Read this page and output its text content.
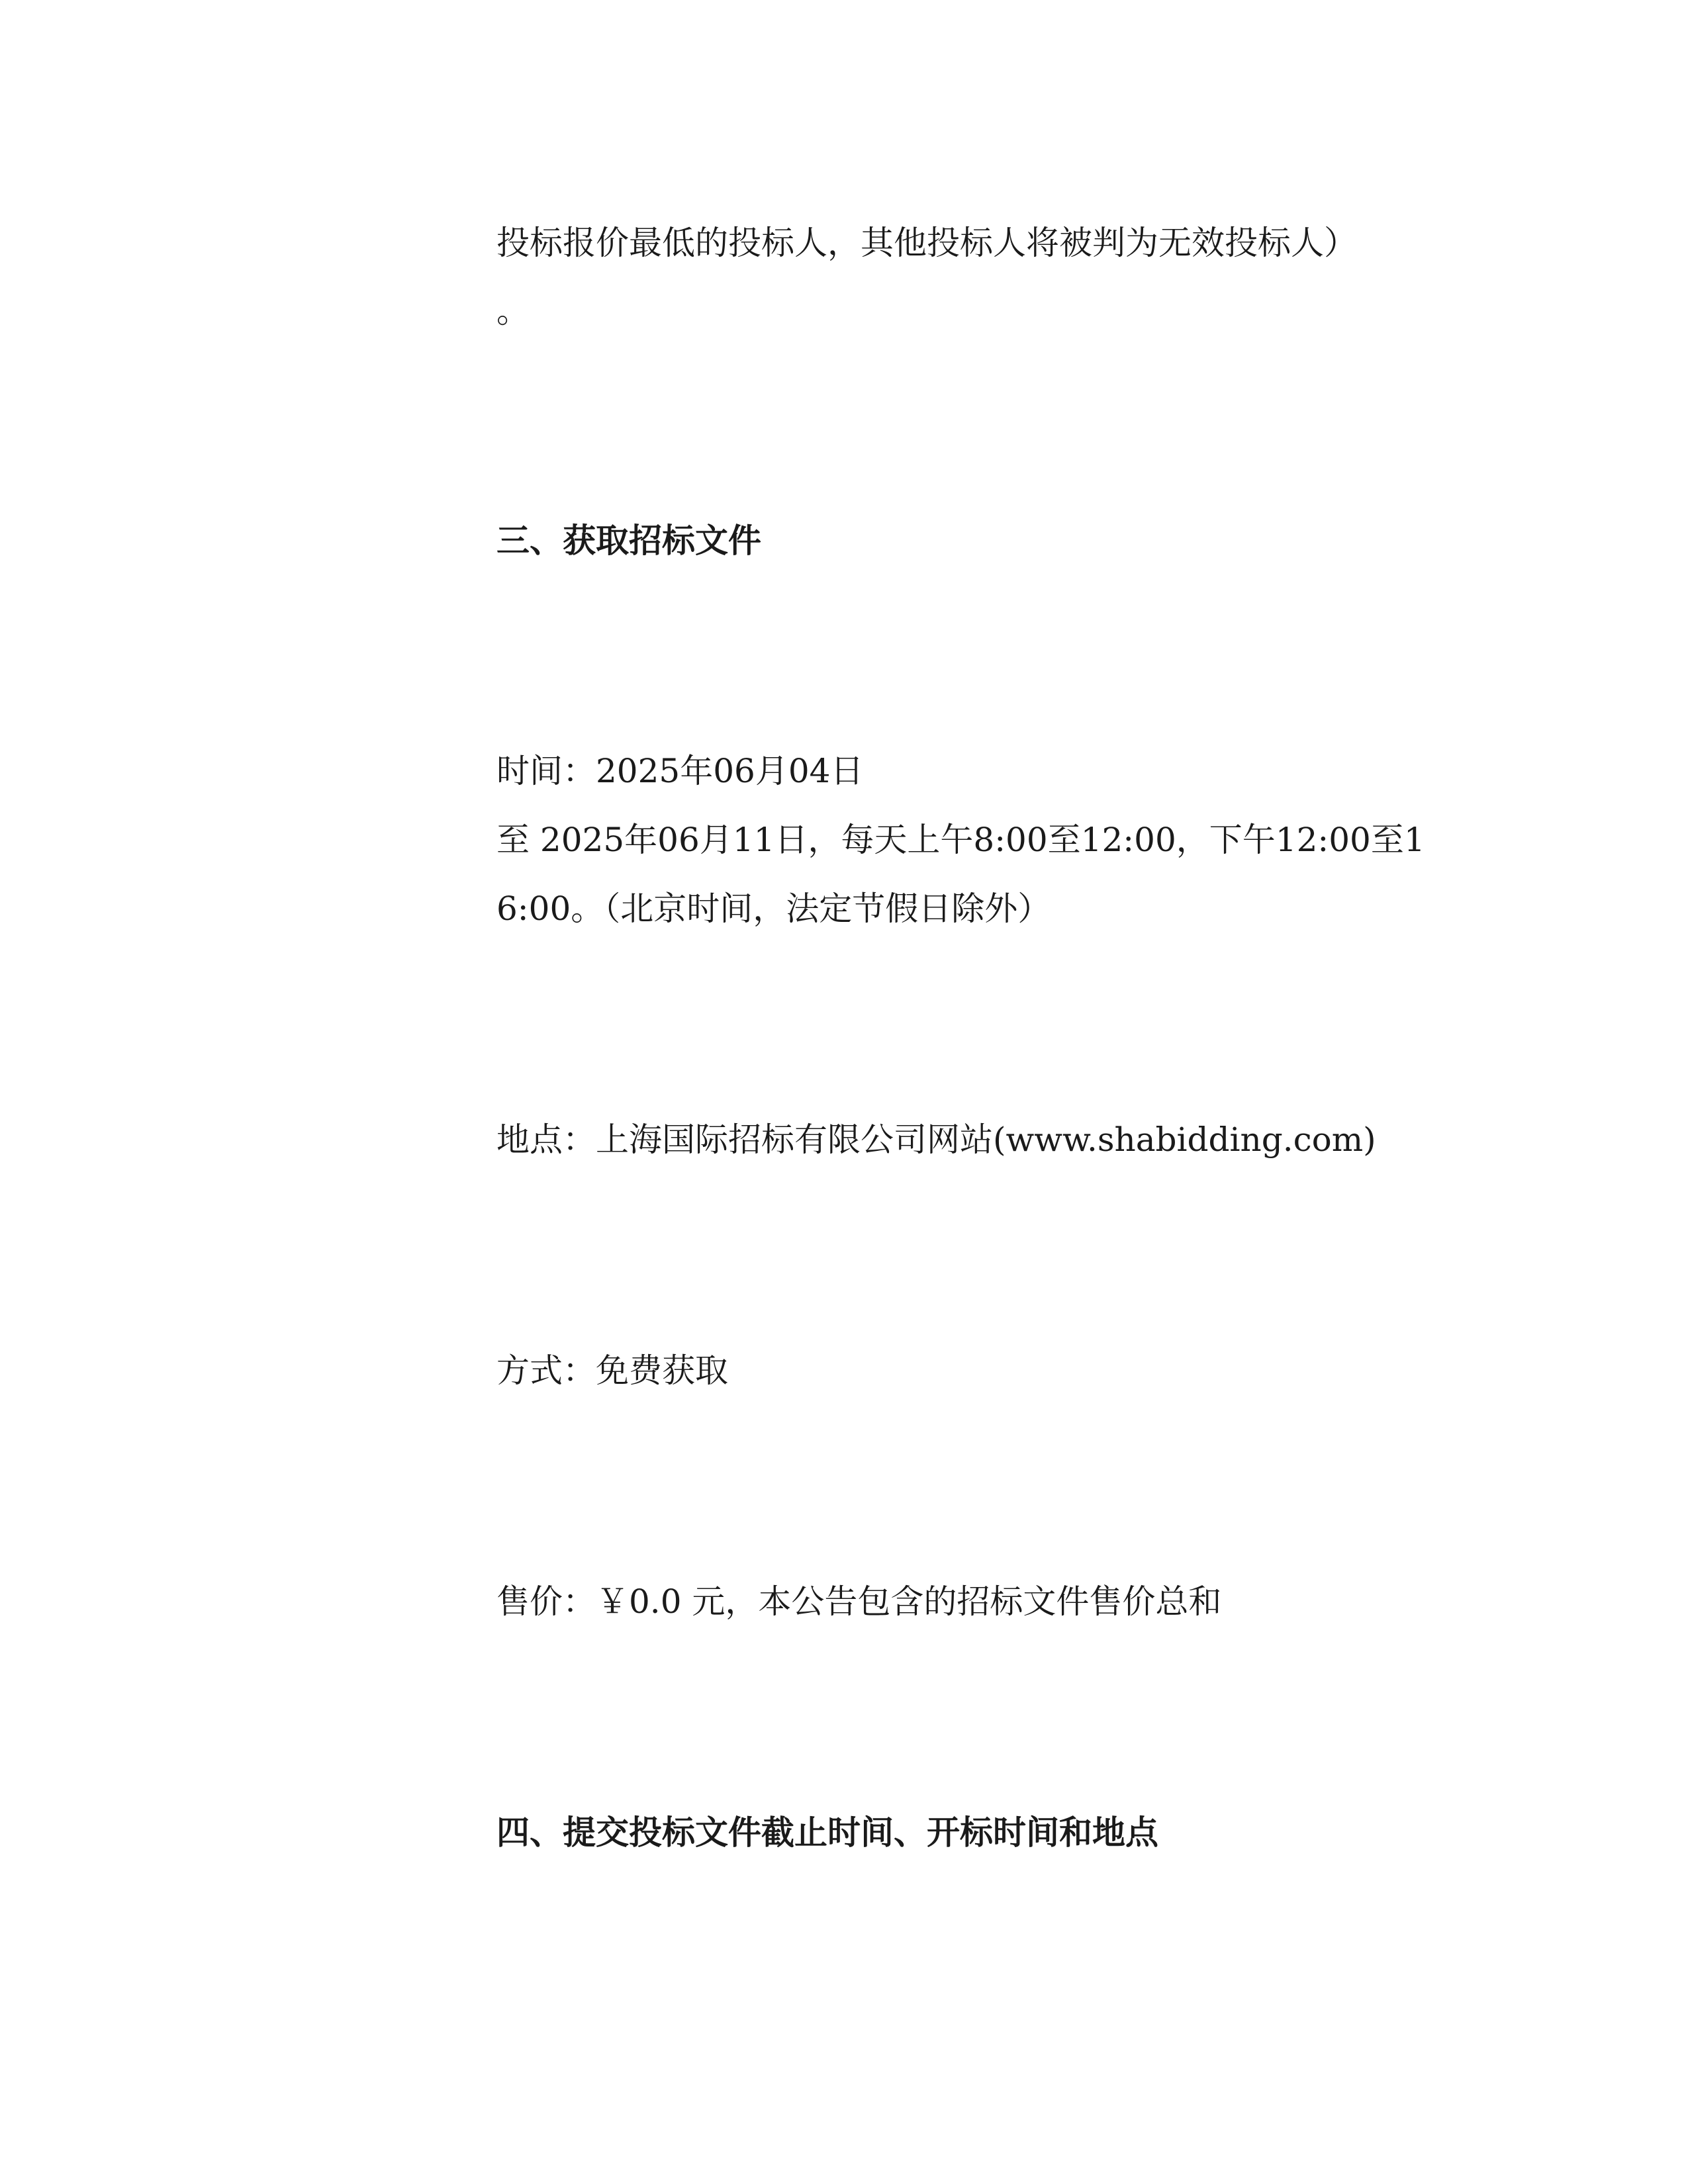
投标报价最低的投标人，其他投标人将被判为无效投标人）
。
三、获取招标文件
时间：2025年06月04日
至 2025年06月11日，每天上午8:00至12:00，下午12:00至1
6:00。（北京时间，法定节假日除外）
地点：上海国际招标有限公司网站(www.shabidding.com)
方式：免费获取
售价：￥0.0 元，本公告包含的招标文件售价总和
四、提交投标文件截止时间、开标时间和地点
